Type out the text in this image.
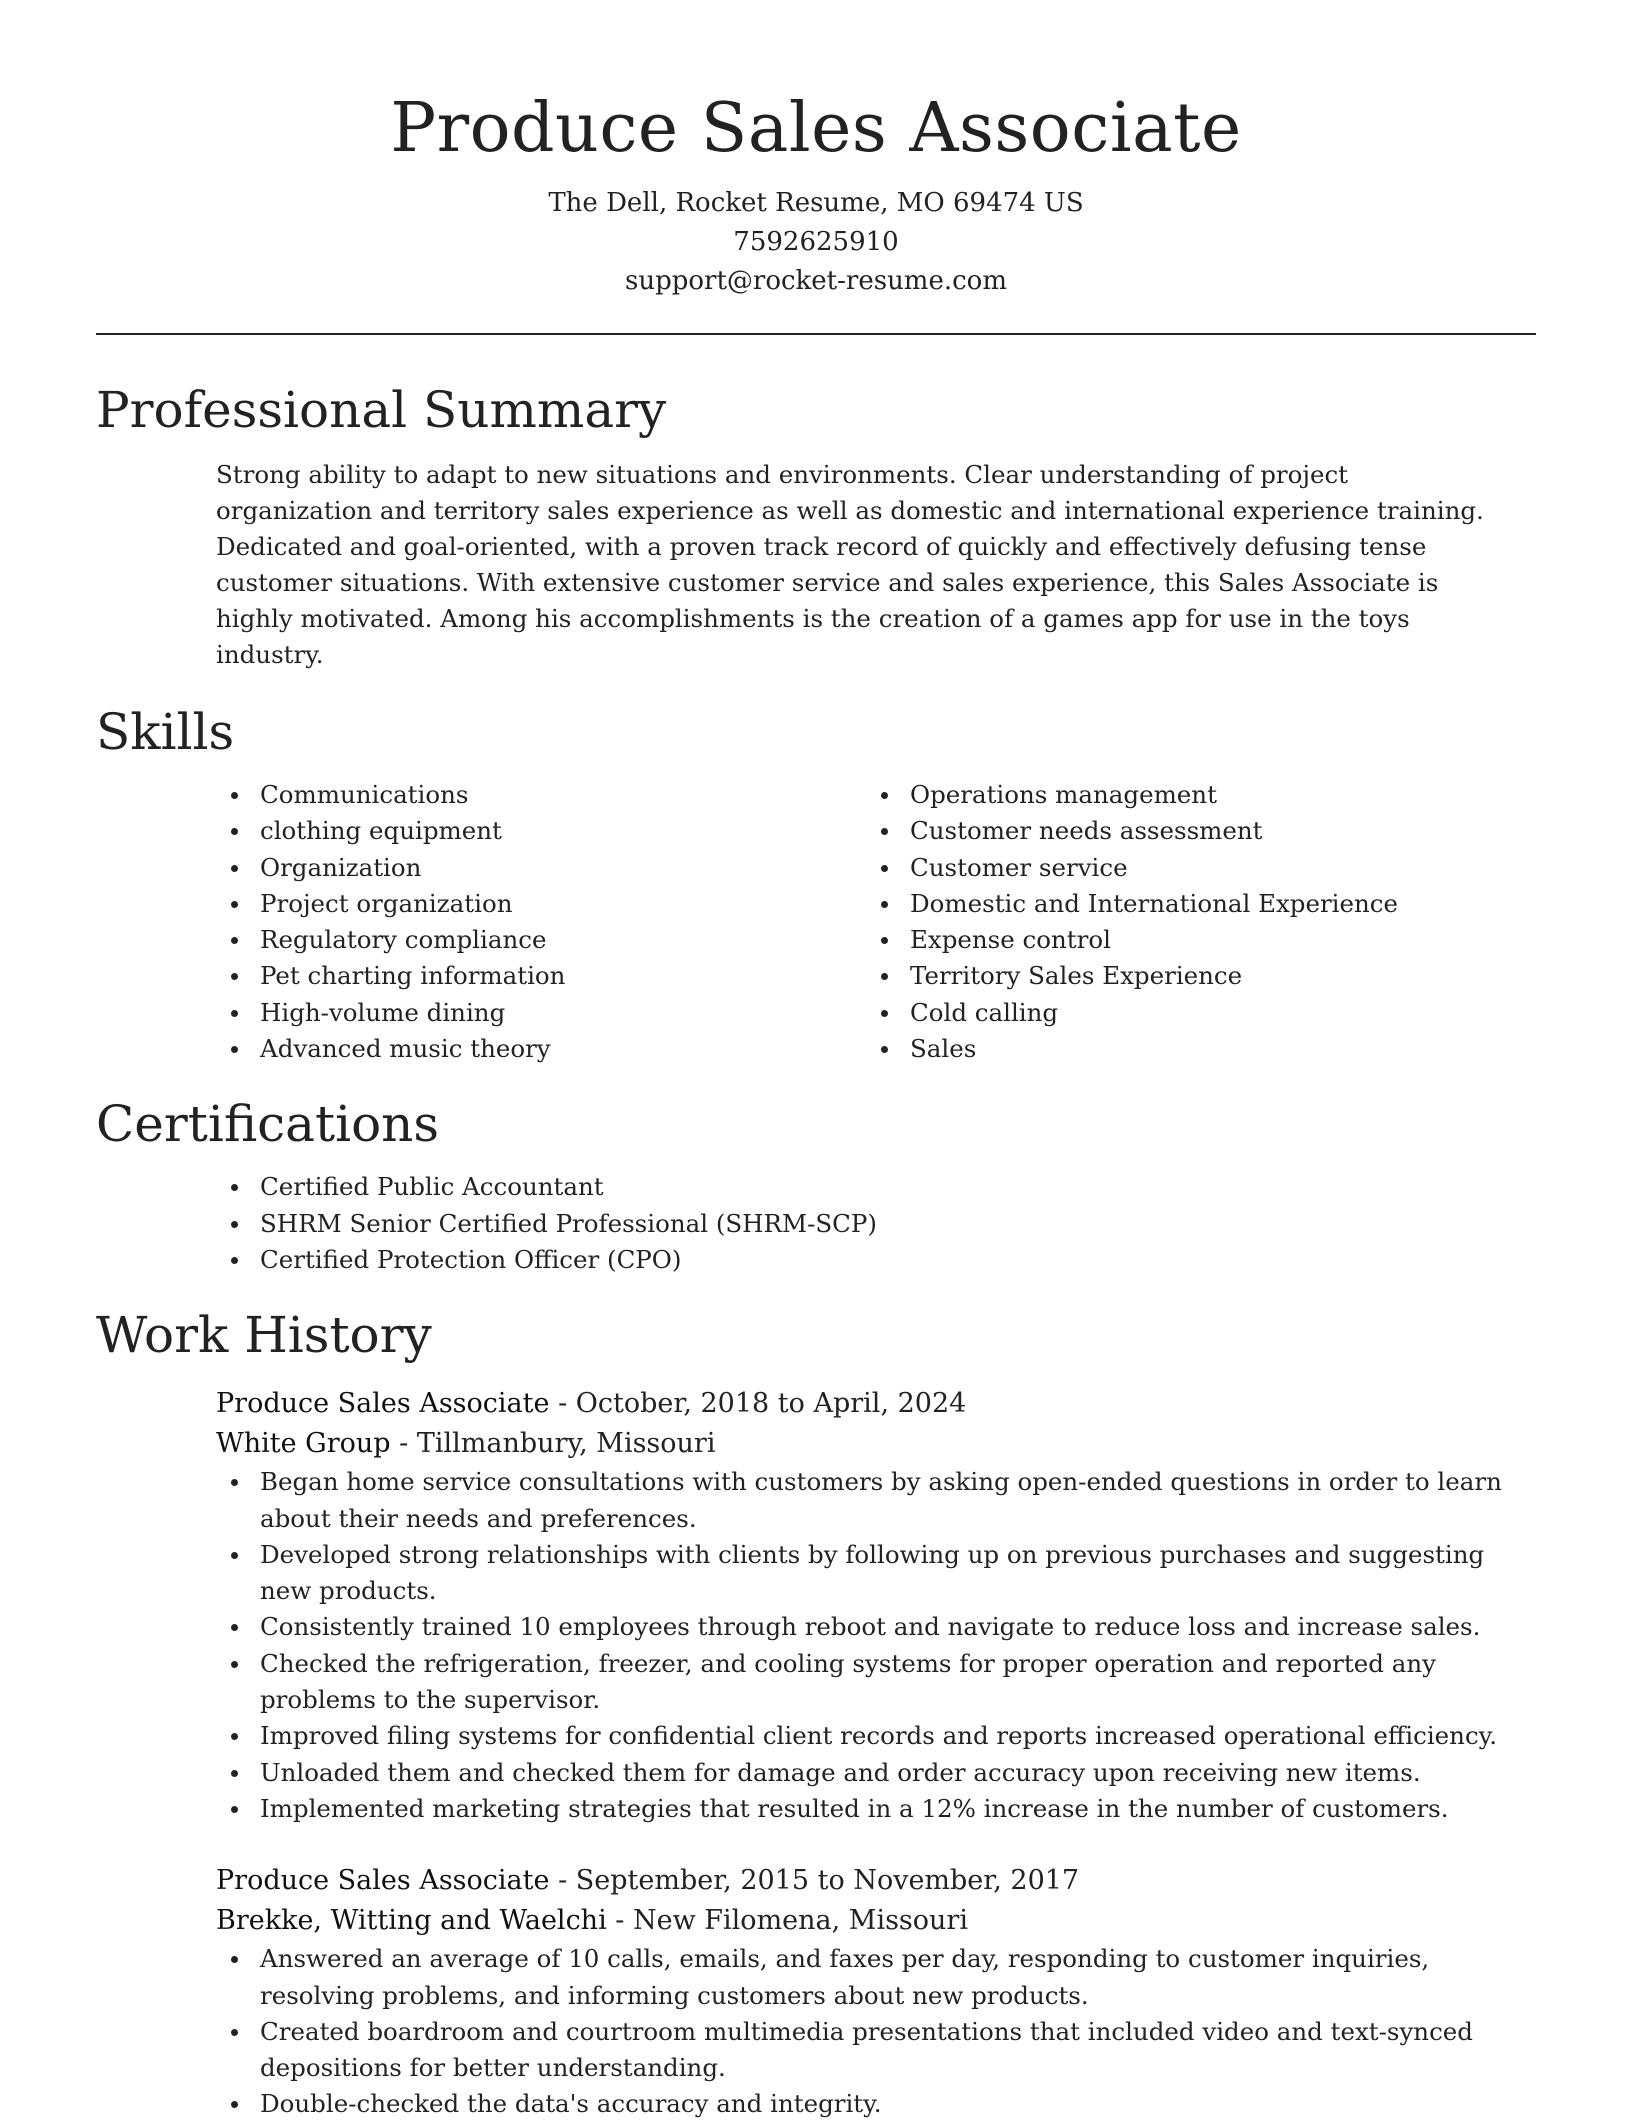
Produce Sales Associate
The Dell, Rocket Resume, MO 69474 US
7592625910
support@rocket-resume.com
Professional Summary

Strong ability to adapt to new situations and environments. Clear understanding of project organization and territory sales experience as well as domestic and international experience training. Dedicated and goal-oriented, with a proven track record of quickly and effectively defusing tense customer situations. With extensive customer service and sales experience, this Sales Associate is highly motivated. Among his accomplishments is the creation of a games app for use in the toys industry.

Skills
Communications
clothing equipment
Organization
Project organization
Regulatory compliance
Pet charting information
High-volume dining
Advanced music theory
Operations management
Customer needs assessment
Customer service
Domestic and International Experience
Expense control
Territory Sales Experience
Cold calling
Sales
Certifications
Certified Public Accountant
SHRM Senior Certified Professional (SHRM-SCP)
Certified Protection Officer (CPO)
Work History
Produce Sales Associate - October, 2018 to April, 2024
White Group - Tillmanbury, Missouri
Began home service consultations with customers by asking open-ended questions in order to learn about their needs and preferences.
Developed strong relationships with clients by following up on previous purchases and suggesting new products.
Consistently trained 10 employees through reboot and navigate to reduce loss and increase sales.
Checked the refrigeration, freezer, and cooling systems for proper operation and reported any problems to the supervisor.
Improved filing systems for confidential client records and reports increased operational efficiency.
Unloaded them and checked them for damage and order accuracy upon receiving new items.
Implemented marketing strategies that resulted in a 12% increase in the number of customers.
Produce Sales Associate - September, 2015 to November, 2017
Brekke, Witting and Waelchi - New Filomena, Missouri
Answered an average of 10 calls, emails, and faxes per day, responding to customer inquiries, resolving problems, and informing customers about new products.
Created boardroom and courtroom multimedia presentations that included video and text-synced depositions for better understanding.
Double-checked the data's accuracy and integrity.
